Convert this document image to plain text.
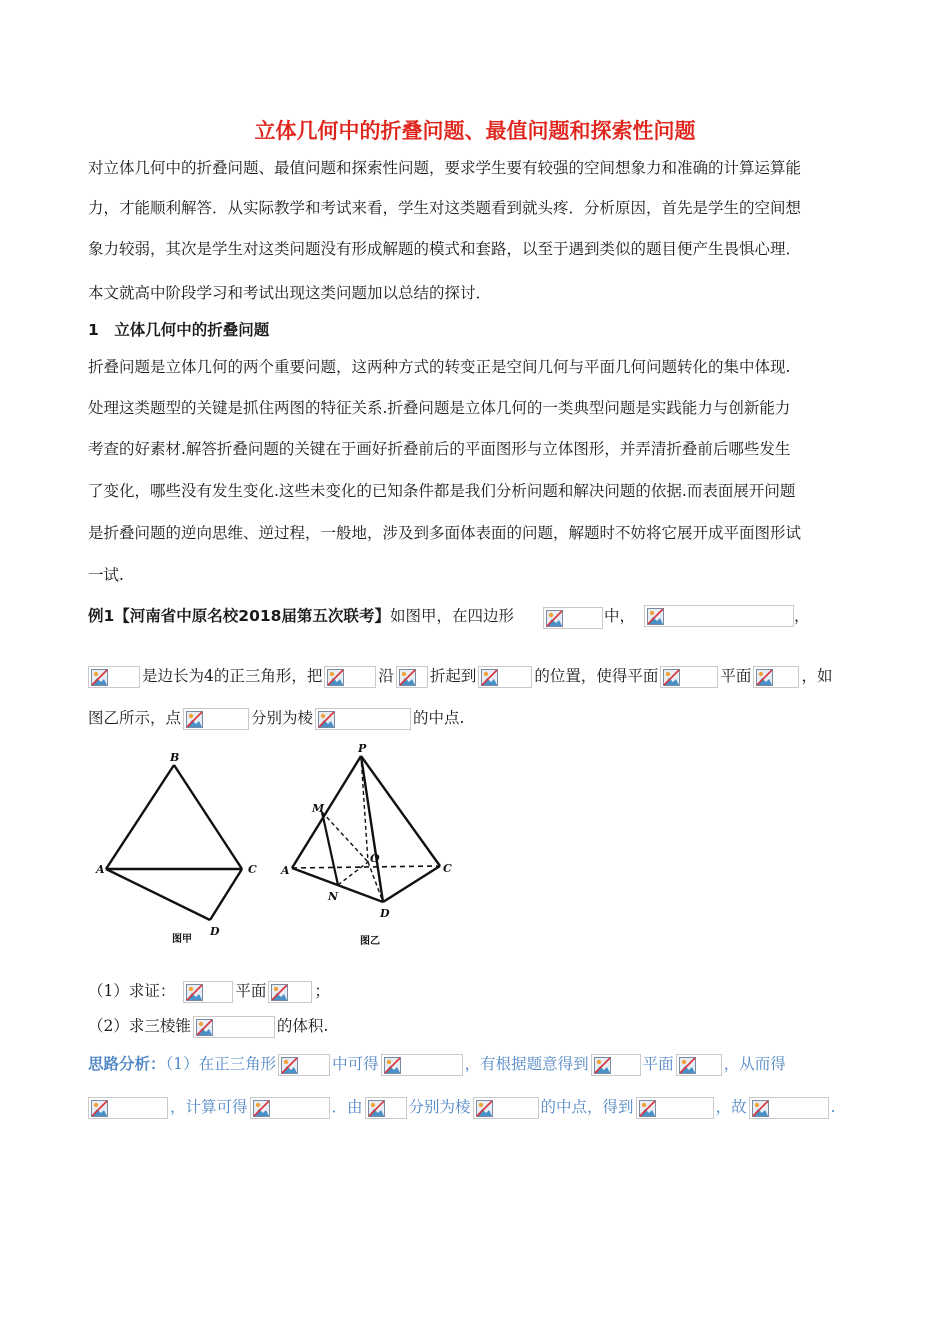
立体几何中的折叠问题、最值问题和探索性问题
对立体几何中的折叠问题、最值问题和探索性问题，要求学生要有较强的空间想象力和准确的计算运算能
力，才能顺利解答．从实际教学和考试来看，学生对这类题看到就头疼．分析原因，首先是学生的空间想
象力较弱，其次是学生对这类问题没有形成解题的模式和套路，以至于遇到类似的题目便产生畏惧心理．
本文就高中阶段学习和考试出现这类问题加以总结的探讨．
1　立体几何中的折叠问题
折叠问题是立体几何的两个重要问题，这两种方式的转变正是空间几何与平面几何问题转化的集中体现.
处理这类题型的关键是抓住两图的特征关系.折叠问题是立体几何的一类典型问题是实践能力与创新能力
考查的好素材.解答折叠问题的关键在于画好折叠前后的平面图形与立体图形，并弄清折叠前后哪些发生
了变化，哪些没有发生变化.这些未变化的已知条件都是我们分析问题和解决问题的依据.而表面展开问题
是折叠问题的逆向思维、逆过程，一般地，涉及到多面体表面的问题，解题时不妨将它展开成平面图形试
一试.
例1【河南省中原名校2018届第五次联考】如图甲，在四边形	中，	，
是边长为4的正三角形，把	沿 折起到	的位置，使得平面	平面	，如
图乙所示，点	分别为棱	的中点.
B
A	C
D
图甲
P
M
O
A	C
N
D
图乙
（1）求证：	平面	；
（2）求三棱锥	的体积.
思路分析：（1）在正三角形	中可得	，有根据题意得到	平面	，从而得
，计算可得	．由	分别为棱	的中点，得到	，故	.
